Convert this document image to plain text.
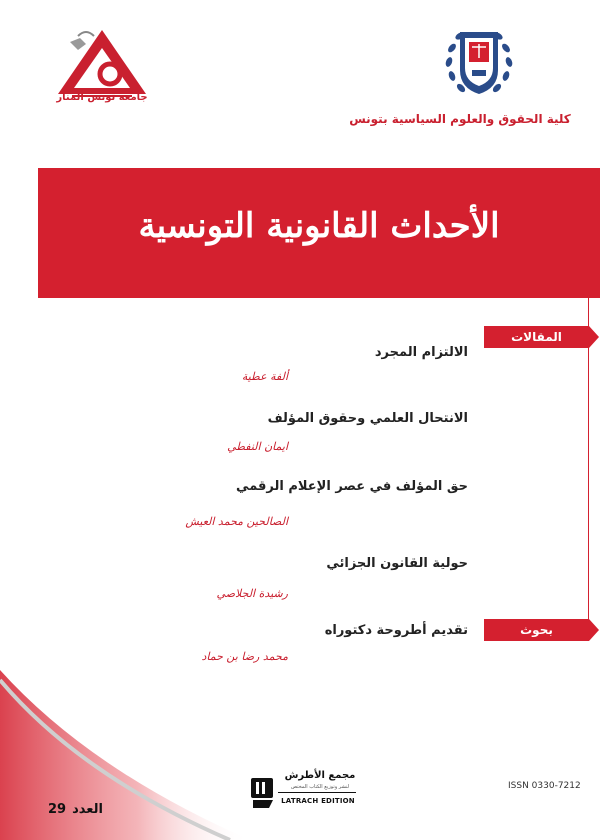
جامعة تونس المنار
كلية الحقوق والعلوم السياسية بتونس
الأحداث القانونية التونسية
المقالات
بحوث
الالتزام المجرد
ألفة عطية
الانتحال العلمي وحقوق المؤلف
ايمان النفطي
حق المؤلف في عصر الإعلام الرقمي
الصالحين محمد العيش
حولية القانون الجزائي
رشيدة الجلاصي
تقديم أطروحة دكتوراه
محمد رضا بن حماد
العدد29
مجمع الأطرش
لنشر وتوزيع الكتاب المختص
LATRACH EDITION
ISSN 0330-7212
